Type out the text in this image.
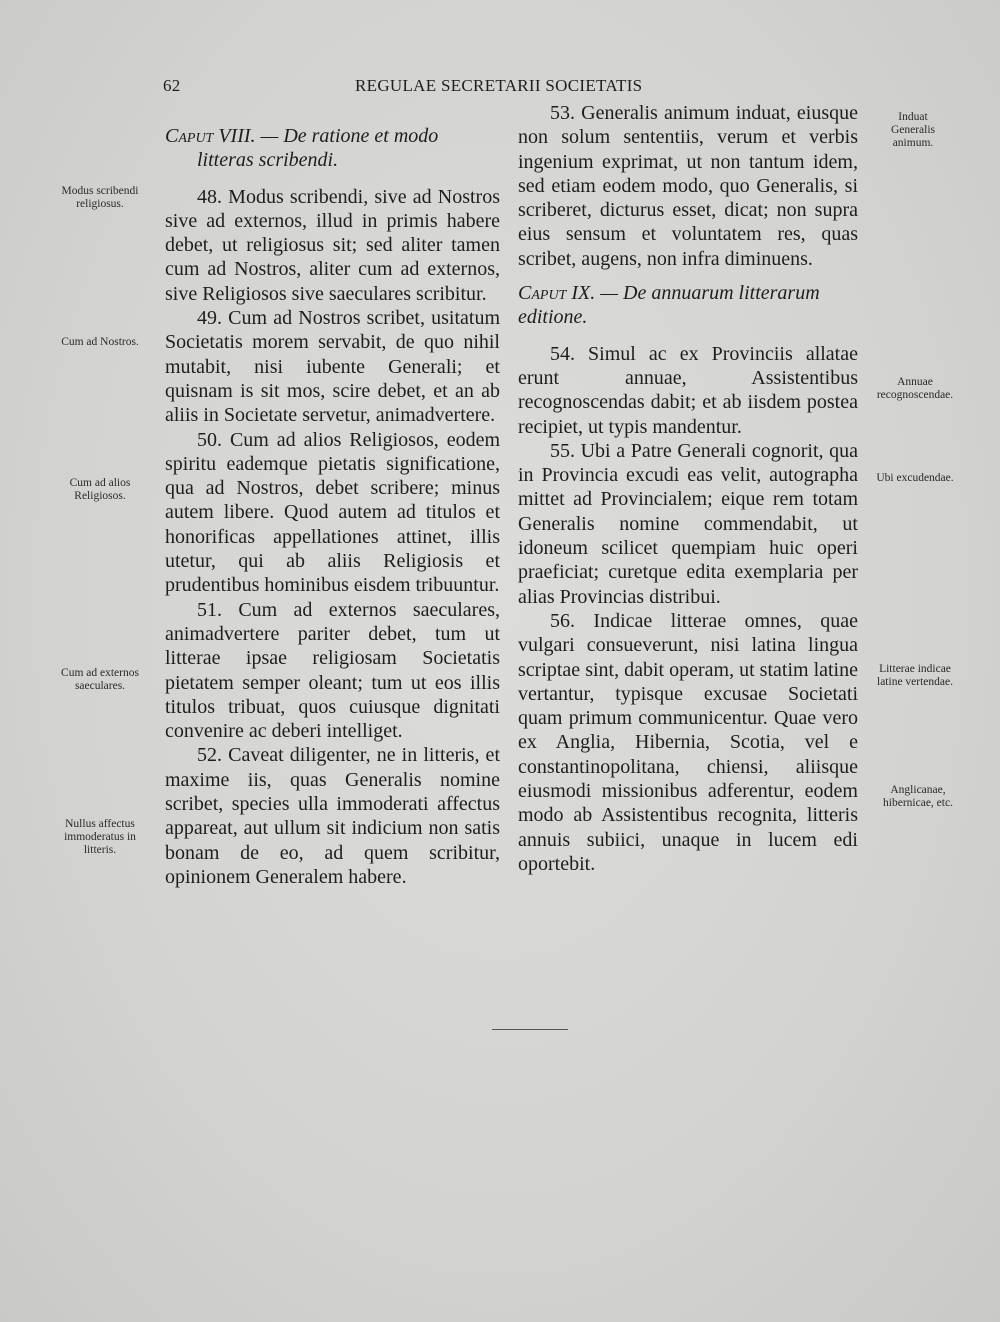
62	REGULAE SECRETARII SOCIETATIS

Caput VIII. — De ratione et modo
litteras scribendi.

48. Modus scribendi, sive ad Nostros sive ad externos, illud in primis habere debet, ut religiosus sit; sed aliter tamen cum ad Nostros, aliter cum ad externos, sive Religiosos sive saeculares scribitur.

49. Cum ad Nostros scribet, usitatum Societatis morem servabit, de quo nihil mutabit, nisi iubente Generali; et quisnam is sit mos, scire debet, et an ab aliis in Societate servetur, animadvertere.

50. Cum ad alios Religiosos, eodem spiritu eademque pietatis significatione, qua ad Nostros, debet scribere; minus autem libere. Quod autem ad titulos et honorificas appellationes attinet, illis utetur, qui ab aliis Religiosis et prudentibus hominibus eisdem tribuuntur.

51. Cum ad externos saeculares, animadvertere pariter debet, tum ut litterae ipsae religiosam Societatis pietatem semper oleant; tum ut eos illis titulos tribuat, quos cuiusque dignitati convenire ac deberi intelliget.

52. Caveat diligenter, ne in litteris, et maxime iis, quas Generalis nomine scribet, species ulla immoderati affectus appareat, aut ullum sit indicium non satis bonam de eo, ad quem scribitur, opinionem Generalem habere.

53. Generalis animum induat, eiusque non solum sententiis, verum et verbis ingenium exprimat, ut non tantum idem, sed etiam eodem modo, quo Generalis, si scriberet, dicturus esset, dicat; non supra eius sensum et voluntatem res, quas scribet, augens, non infra diminuens.

Caput IX. — De annuarum litterarum editione.

54. Simul ac ex Provinciis allatae erunt annuae, Assistentibus recognoscendas dabit; et ab iisdem postea recipiet, ut typis mandentur.

55. Ubi a Patre Generali cognorit, qua in Provincia excudi eas velit, autographa mittet ad Provincialem; eique rem totam Generalis nomine commendabit, ut idoneum scilicet quempiam huic operi praeficiat; curetque edita exemplaria per alias Provincias distribui.

56. Indicae litterae omnes, quae vulgari consueverunt, nisi latina lingua scriptae sint, dabit operam, ut statim latine vertantur, typisque excusae Societati quam primum communicentur. Quae vero ex Anglia, Hibernia, Scotia, vel e constantinopolitana, chiensi, aliisque eiusmodi missionibus adferentur, eodem modo ab Assistentibus recognita, litteris annuis subiici, unaque in lucem edi oportebit.

Modus scribendi religiosus.
Cum ad Nostros.
Cum ad alios Religiosos.
Cum ad externos saeculares.
Nullus affectus immoderatus in litteris.
Induat Generalis animum.
Annuae recognoscendae.
Ubi excudendae.
Litterae indicae latine vertendae.
Anglicanae, hibernicae, etc.
